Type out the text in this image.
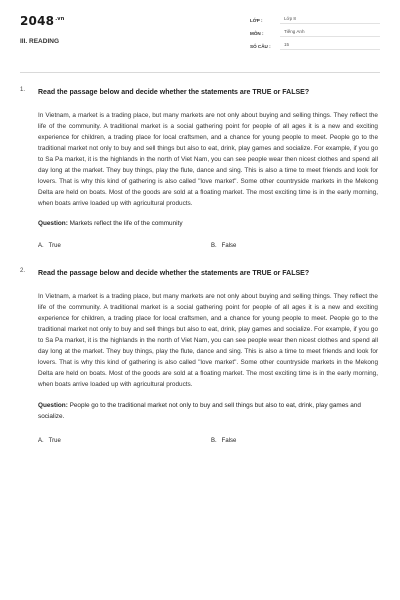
$2048^{.vn}$
III. READING
LỚP :	Lớp 8
MÔN :	Tiếng Anh
SỐ CÂU :	15
1. Read the passage below and decide whether the statements are TRUE or FALSE?
In Vietnam, a market is a trading place, but many markets are not only about buying and selling things. They reflect the life of the community. A traditional market is a social gathering point for people of all ages it is a new and exciting experience for children, a trading place for local craftsmen, and a chance for young people to meet. People go to the traditional market not only to buy and sell things but also to eat, drink, play games and socialize. For example, if you go to Sa Pa market, it is the highlands in the north of Viet Nam, you can see people wear then nicest clothes and spend all day long at the market. They buy things, play the flute, dance and sing. This is also a time to meet friends and look for lovers. That is why this kind of gathering is also called "love market". Some other countryside markets in the Mekong Delta are held on boats. Most of the goods are sold at a floating market. The most exciting time is in the early morning, when boats arrive loaded up with agricultural products.
Question: Markets reflect the life of the community
A. True	B. False
2. Read the passage below and decide whether the statements are TRUE or FALSE?
In Vietnam, a market is a trading place, but many markets are not only about buying and selling things. They reflect the life of the community. A traditional market is a social gathering point for people of all ages it is a new and exciting experience for children, a trading place for local craftsmen, and a chance for young people to meet. People go to the traditional market not only to buy and sell things but also to eat, drink, play games and socialize. For example, if you go to Sa Pa market, it is the highlands in the north of Viet Nam, you can see people wear then nicest clothes and spend all day long at the market. They buy things, play the flute, dance and sing. This is also a time to meet friends and look for lovers. That is why this kind of gathering is also called "love market". Some other countryside markets in the Mekong Delta are held on boats. Most of the goods are sold at a floating market. The most exciting time is in the early morning, when boats arrive loaded up with agricultural products.
Question: People go to the traditional market not only to buy and sell things but also to eat, drink, play games and socialize.
A. True	B. False
